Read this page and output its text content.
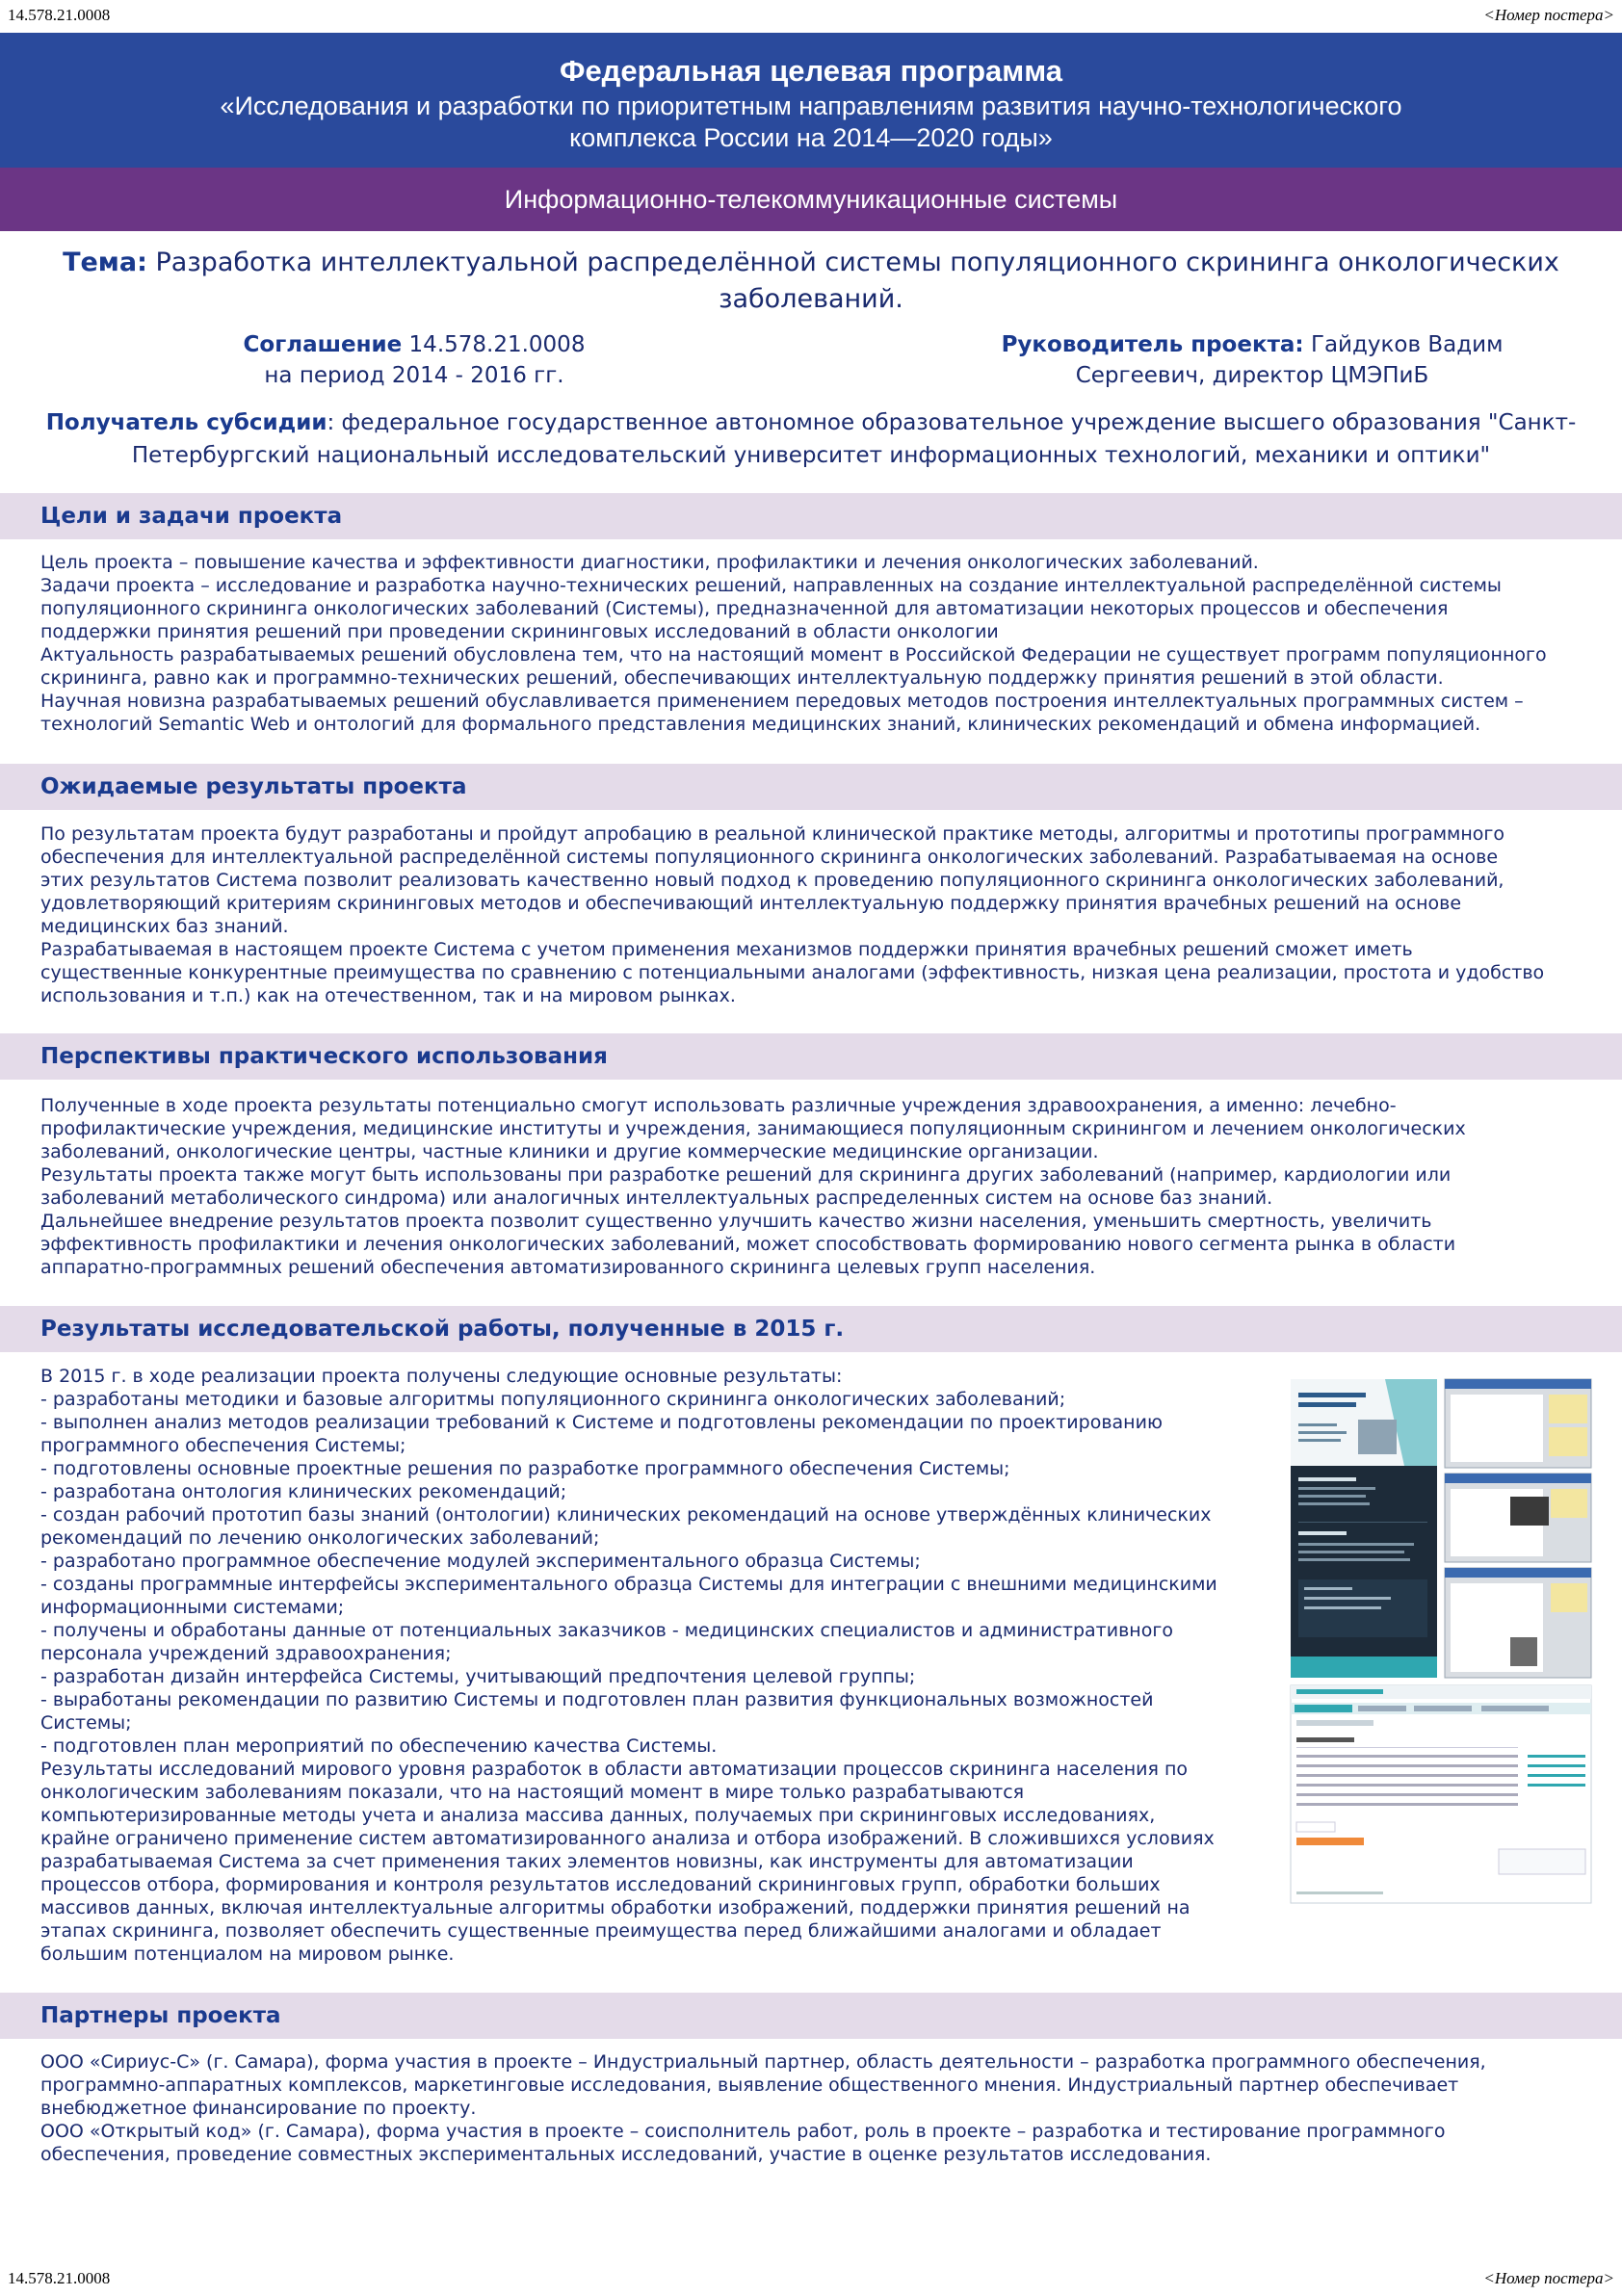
14.578.21.0008	<Номер постера>
Федеральная целевая программа
«Исследования и разработки по приоритетным направлениям развития научно-технологического
комплекса России на 2014—2020 годы»
Информационно-телекоммуникационные системы
Тема: Разработка интеллектуальной распределённой системы популяционного скрининга онкологических заболеваний.
Соглашение 14.578.21.0008
на период 2014 - 2016 гг.
Руководитель проекта: Гайдуков Вадим
Сергеевич, директор ЦМЭПиБ
Получатель субсидии: федеральное государственное автономное образовательное учреждение высшего образования "Санкт-Петербургский национальный исследовательский университет информационных технологий, механики и оптики"
Цели и задачи проекта

Цель проекта – повышение качества и эффективности диагностики, профилактики и лечения онкологических заболеваний.

Задачи проекта – исследование и разработка научно-технических решений, направленных на создание интеллектуальной распределённой системы

популяционного скрининга онкологических заболеваний (Системы), предназначенной для автоматизации некоторых процессов и обеспечения

поддержки принятия решений при проведении скрининговых исследований в области онкологии

Актуальность разрабатываемых решений обусловлена тем, что на настоящий момент в Российской Федерации не существует программ популяционного

скрининга, равно как и программно-технических решений, обеспечивающих интеллектуальную поддержку принятия решений в этой области.

Научная новизна разрабатываемых решений обуславливается применением передовых методов построения интеллектуальных программных систем –

технологий Semantic Web и онтологий для формального представления медицинских знаний, клинических рекомендаций и обмена информацией.

Ожидаемые результаты проекта

По результатам проекта будут разработаны и пройдут апробацию в реальной клинической практике методы, алгоритмы и прототипы программного

обеспечения для интеллектуальной распределённой системы популяционного скрининга онкологических заболеваний. Разрабатываемая на основе

этих результатов Система позволит реализовать качественно новый подход к проведению популяционного скрининга онкологических заболеваний,

удовлетворяющий критериям скрининговых методов и обеспечивающий интеллектуальную поддержку принятия врачебных решений на основе

медицинских баз знаний.

Разрабатываемая в настоящем проекте Система с учетом применения механизмов поддержки принятия врачебных решений сможет иметь

существенные конкурентные преимущества по сравнению с потенциальными аналогами (эффективность, низкая цена реализации, простота и удобство

использования и т.п.) как на отечественном, так и на мировом рынках.

Перспективы практического использования

Полученные в ходе проекта результаты потенциально смогут использовать различные учреждения здравоохранения, а именно: лечебно-

профилактические учреждения, медицинские институты и учреждения, занимающиеся популяционным скринингом и лечением онкологических

заболеваний, онкологические центры, частные клиники и другие коммерческие медицинские организации.

Результаты проекта также могут быть использованы при разработке решений для скрининга других заболеваний (например, кардиологии или

заболеваний метаболического синдрома) или аналогичных интеллектуальных распределенных систем на основе баз знаний.

Дальнейшее внедрение результатов проекта позволит существенно улучшить качество жизни населения, уменьшить смертность, увеличить

эффективность профилактики и лечения онкологических заболеваний, может способствовать формированию нового сегмента рынка в области

аппаратно-программных решений обеспечения автоматизированного скрининга целевых групп населения.

Результаты исследовательской работы, полученные в 2015 г.

В 2015 г. в ходе реализации проекта получены следующие основные результаты:

- разработаны методики и базовые алгоритмы популяционного скрининга онкологических заболеваний;

- выполнен анализ методов реализации требований к Системе и подготовлены рекомендации по проектированию

программного обеспечения Системы;

- подготовлены основные проектные решения по разработке программного обеспечения Системы;

- разработана онтология клинических рекомендаций;

- создан рабочий прототип базы знаний (онтологии) клинических рекомендаций на основе утверждённых клинических

рекомендаций по лечению онкологических заболеваний;

- разработано программное обеспечение модулей экспериментального образца Системы;

- созданы программные интерфейсы экспериментального образца Системы для интеграции с внешними медицинскими

информационными системами;

- получены и обработаны данные от потенциальных заказчиков - медицинских специалистов и административного

персонала учреждений здравоохранения;

- разработан дизайн интерфейса Системы, учитывающий предпочтения целевой группы;

- выработаны рекомендации по развитию Системы и подготовлен план развития функциональных возможностей

Системы;

- подготовлен план мероприятий по обеспечению качества Системы.

Результаты исследований мирового уровня разработок в области автоматизации процессов скрининга населения по

онкологическим заболеваниям показали, что на настоящий момент в мире только разрабатываются

компьютеризированные методы учета и анализа массива данных, получаемых при скрининговых исследованиях,

крайне ограничено применение систем автоматизированного анализа и отбора изображений. В сложившихся условиях

разрабатываемая Система за счет применения таких элементов новизны, как инструменты для автоматизации

процессов отбора, формирования и контроля результатов исследований скрининговых групп, обработки больших

массивов данных, включая интеллектуальные алгоритмы обработки изображений, поддержки принятия решений на

этапах скрининга, позволяет обеспечить существенные преимущества перед ближайшими аналогами и обладает

большим потенциалом на мировом рынке.

Партнеры проекта

ООО «Сириус-С» (г. Самара), форма участия в проекте – Индустриальный партнер, область деятельности – разработка программного обеспечения,

программно-аппаратных комплексов, маркетинговые исследования, выявление общественного мнения. Индустриальный партнер обеспечивает

внебюджетное финансирование по проекту.

ООО «Открытый код» (г. Самара), форма участия в проекте – соисполнитель работ, роль в проекте – разработка и тестирование программного

обеспечения, проведение совместных экспериментальных исследований, участие в оценке результатов исследования.

14.578.21.0008	<Номер постера>
